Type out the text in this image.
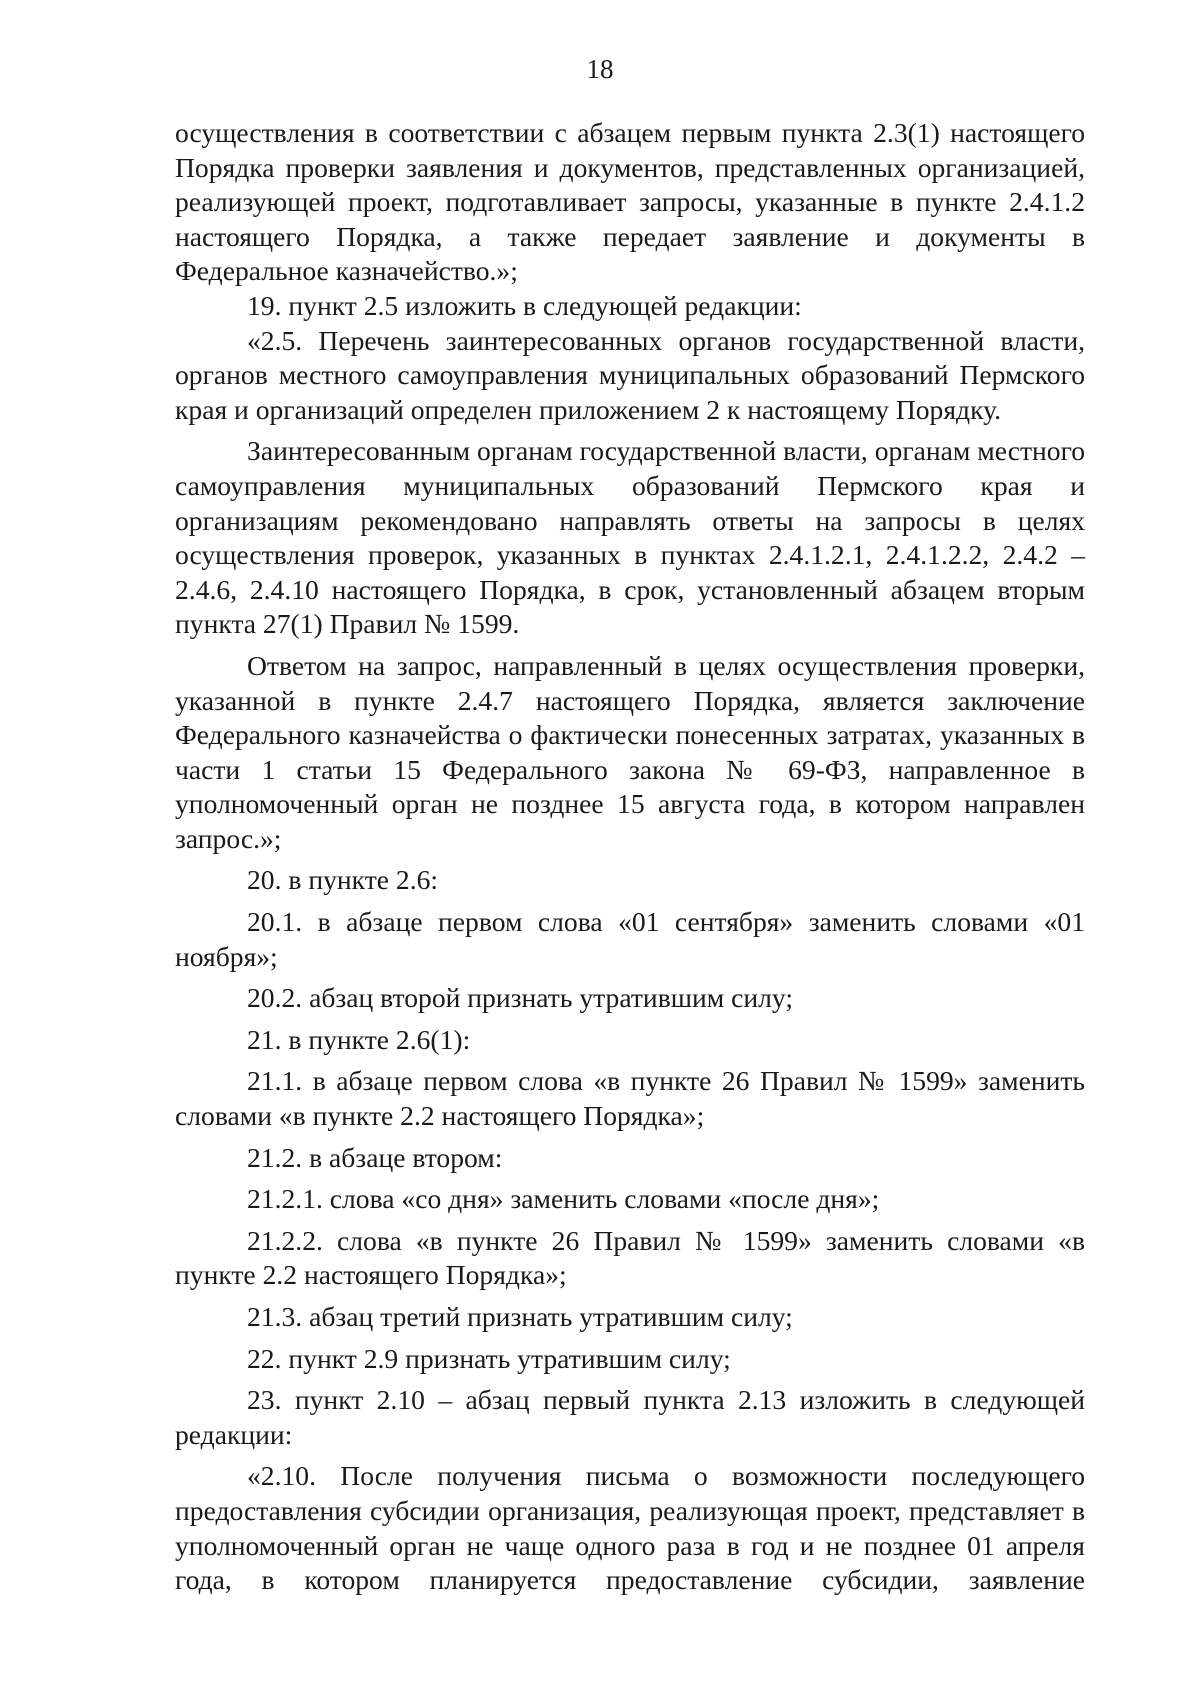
18

осуществления в соответствии с абзацем первым пункта 2.3(1) настоящего Порядка проверки заявления и документов, представленных организацией, реализующей проект, подготавливает запросы, указанные в пункте 2.4.1.2 настоящего Порядка, а также передает заявление и документы в Федеральное казначейство.»;

19. пункт 2.5 изложить в следующей редакции:

«2.5. Перечень заинтересованных органов государственной власти, органов местного самоуправления муниципальных образований Пермского края и организаций определен приложением 2 к настоящему Порядку.

Заинтересованным органам государственной власти, органам местного самоуправления муниципальных образований Пермского края и организациям рекомендовано направлять ответы на запросы в целях осуществления проверок, указанных в пунктах 2.4.1.2.1, 2.4.1.2.2, 2.4.2 – 2.4.6, 2.4.10 настоящего Порядка, в срок, установленный абзацем вторым пункта 27(1) Правил № 1599.

Ответом на запрос, направленный в целях осуществления проверки, указанной в пункте 2.4.7 настоящего Порядка, является заключение Федерального казначейства о фактически понесенных затратах, указанных в части 1 статьи 15 Федерального закона № 69-ФЗ, направленное в уполномоченный орган не позднее 15 августа года, в котором направлен запрос.»;

20. в пункте 2.6:

20.1. в абзаце первом слова «01 сентября» заменить словами «01 ноября»;

20.2. абзац второй признать утратившим силу;

21. в пункте 2.6(1):

21.1. в абзаце первом слова «в пункте 26 Правил № 1599» заменить словами «в пункте 2.2 настоящего Порядка»;

21.2. в абзаце втором:

21.2.1. слова «со дня» заменить словами «после дня»;

21.2.2. слова «в пункте 26 Правил № 1599» заменить словами «в пункте 2.2 настоящего Порядка»;

21.3. абзац третий признать утратившим силу;

22. пункт 2.9 признать утратившим силу;

23. пункт 2.10 – абзац первый пункта 2.13 изложить в следующей редакции:

«2.10. После получения письма о возможности последующего предоставления субсидии организация, реализующая проект, представляет в уполномоченный орган не чаще одного раза в год и не позднее 01 апреля года, в котором планируется предоставление субсидии, заявление
